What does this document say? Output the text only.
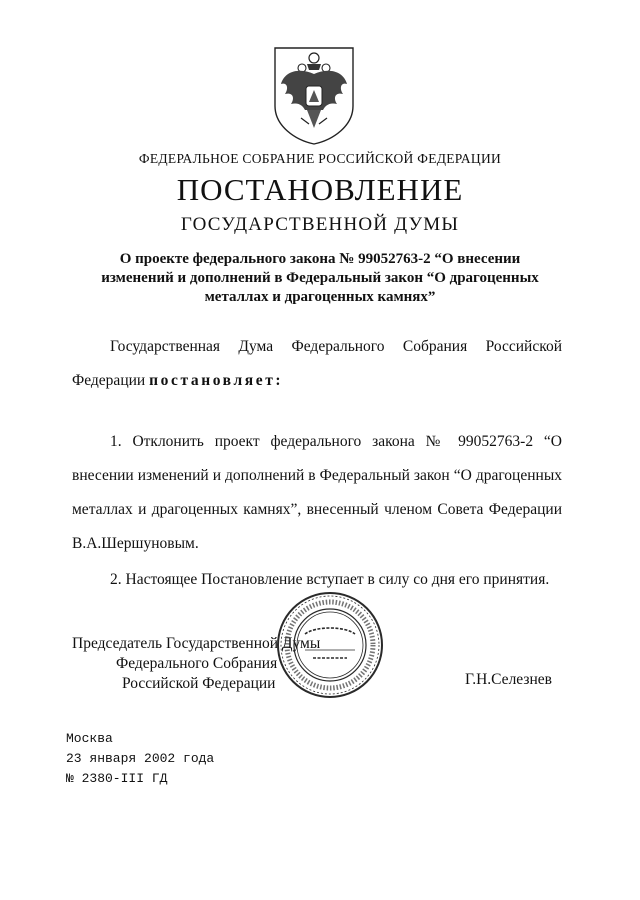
ФЕДЕРАЛЬНОЕ СОБРАНИЕ РОССИЙСКОЙ ФЕДЕРАЦИИ
ПОСТАНОВЛЕНИЕ
ГОСУДАРСТВЕННОЙ ДУМЫ
О проекте федерального закона № 99052763-2 “О внесении изменений и дополнений в Федеральный закон “О драгоценных металлах и драгоценных камнях”
Государственная Дума Федерального Собрания Российской Федерации постановляет:
1. Отклонить проект федерального закона № 99052763-2 “О внесении изменений и дополнений в Федеральный закон “О драгоценных металлах и драгоценных камнях”, внесенный членом Совета Федерации В.А.Шершуновым.
2. Настоящее Постановление вступает в силу со дня его принятия.
Председатель Государственной Думы
Федерального Собрания
Российской Федерации	Г.Н.Селезнев
Москва
23 января 2002 года
№ 2380-III ГД
